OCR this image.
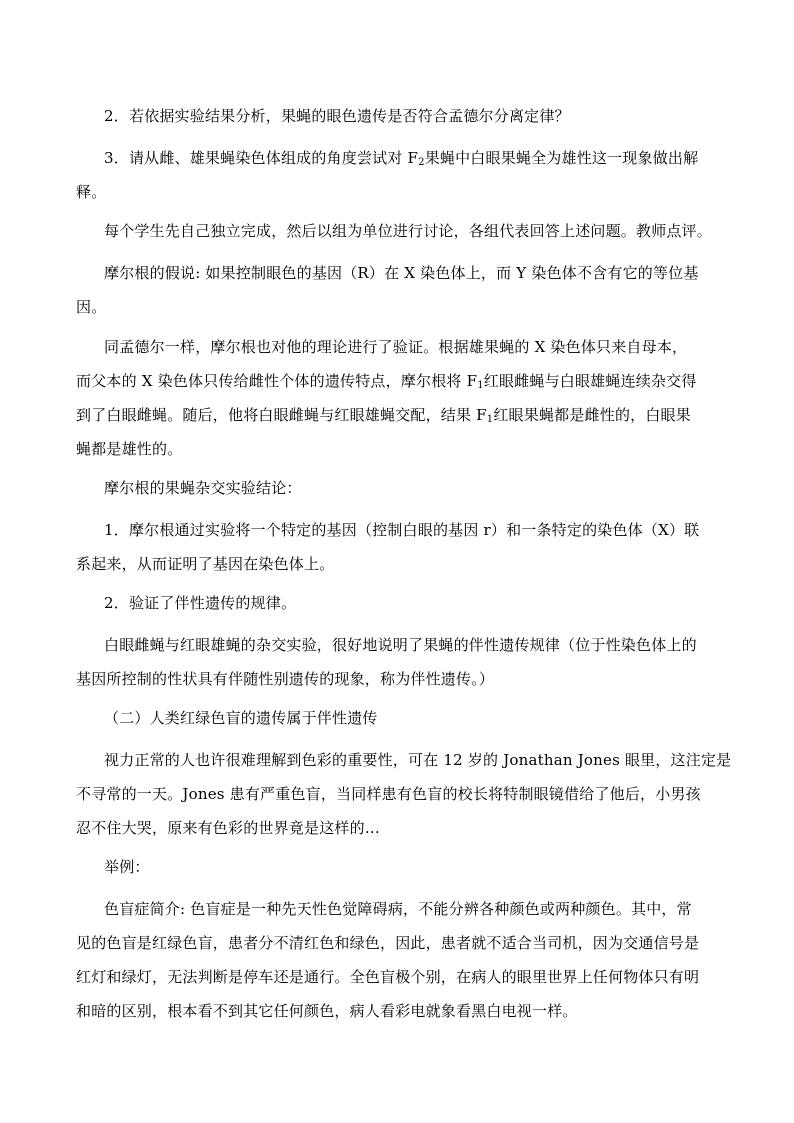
2．若依据实验结果分析，果蝇的眼色遗传是否符合孟德尔分离定律？

3．请从雌、雄果蝇染色体组成的角度尝试对 $F_2$果蝇中白眼果蝇全为雄性这一现象做出解

释。

每个学生先自己独立完成，然后以组为单位进行讨论，各组代表回答上述问题。教师点评。

摩尔根的假说: 如果控制眼色的基因（R）在 X 染色体上，而 Y 染色体不含有它的等位基

因。

同孟德尔一样，摩尔根也对他的理论进行了验证。根据雄果蝇的 X 染色体只来自母本，

而父本的 X 染色体只传给雌性个体的遗传特点，摩尔根将 $F_1$红眼雌蝇与白眼雄蝇连续杂交得

到了白眼雌蝇。随后，他将白眼雌蝇与红眼雄蝇交配，结果 $F_1$红眼果蝇都是雌性的，白眼果

蝇都是雄性的。

摩尔根的果蝇杂交实验结论：

1．摩尔根通过实验将一个特定的基因（控制白眼的基因 r）和一条特定的染色体（X）联

系起来，从而证明了基因在染色体上。

2．验证了伴性遗传的规律。

白眼雌蝇与红眼雄蝇的杂交实验，很好地说明了果蝇的伴性遗传规律（位于性染色体上的

基因所控制的性状具有伴随性别遗传的现象，称为伴性遗传。）

（二）人类红绿色盲的遗传属于伴性遗传

视力正常的人也许很难理解到色彩的重要性，可在 12 岁的 Jonathan Jones 眼里，这注定是

不寻常的一天。Jones 患有严重色盲，当同样患有色盲的校长将特制眼镜借给了他后，小男孩

忍不住大哭，原来有色彩的世界竟是这样的…

举例：

色盲症简介: 色盲症是一种先天性色觉障碍病，不能分辨各种颜色或两种颜色。其中，常

见的色盲是红绿色盲，患者分不清红色和绿色，因此，患者就不适合当司机，因为交通信号是

红灯和绿灯，无法判断是停车还是通行。全色盲极个别，在病人的眼里世界上任何物体只有明

和暗的区别，根本看不到其它任何颜色，病人看彩电就象看黑白电视一样。
